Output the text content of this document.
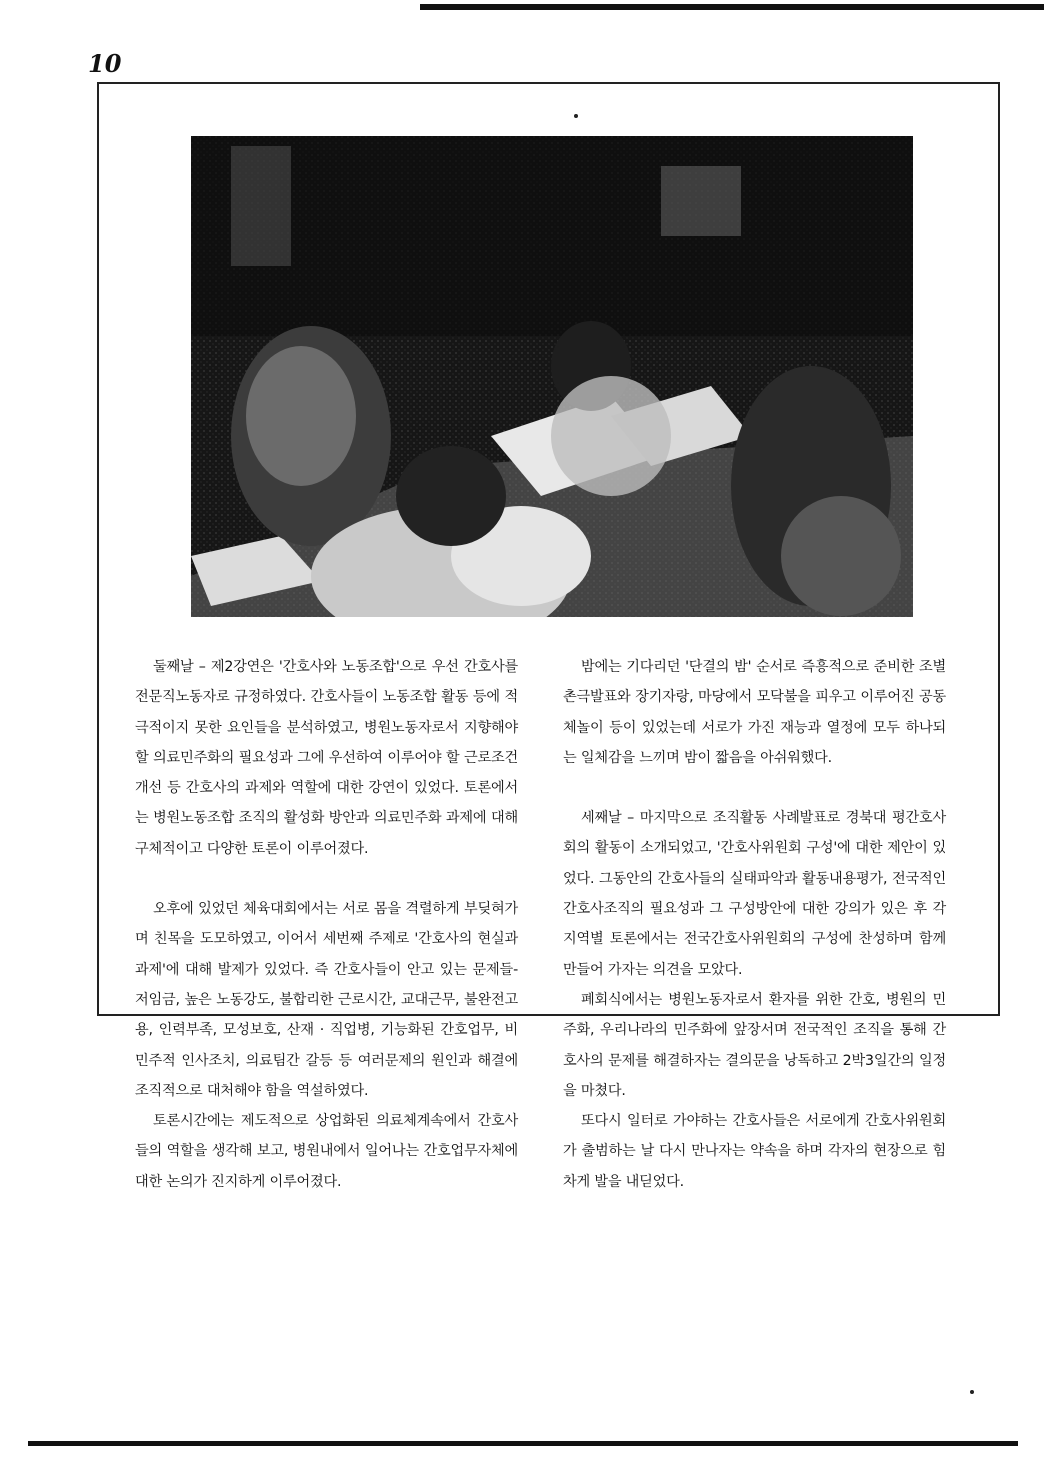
10

둘째날 – 제2강연은 '간호사와 노동조합'으로 우선 간호사를 전문직노동자로 규정하였다. 간호사들이 노동조합 활동 등에 적극적이지 못한 요인들을 분석하였고, 병원노동자로서 지향해야 할 의료민주화의 필요성과 그에 우선하여 이루어야 할 근로조건 개선 등 간호사의 과제와 역할에 대한 강연이 있었다. 토론에서는 병원노동조합 조직의 활성화 방안과 의료민주화 과제에 대해 구체적이고 다양한 토론이 이루어졌다.

오후에 있었던 체육대회에서는 서로 몸을 격렬하게 부딪혀가며 친목을 도모하였고, 이어서 세번째 주제로 '간호사의 현실과 과제'에 대해 발제가 있었다. 즉 간호사들이 안고 있는 문제들-저임금, 높은 노동강도, 불합리한 근로시간, 교대근무, 불완전고용, 인력부족, 모성보호, 산재 · 직업병, 기능화된 간호업무, 비민주적 인사조치, 의료팀간 갈등 등 여러문제의 원인과 해결에 조직적으로 대처해야 함을 역설하였다.

토론시간에는 제도적으로 상업화된 의료체계속에서 간호사들의 역할을 생각해 보고, 병원내에서 일어나는 간호업무자체에 대한 논의가 진지하게 이루어졌다.

밤에는 기다리던 '단결의 밤' 순서로 즉흥적으로 준비한 조별 촌극발표와 장기자랑, 마당에서 모닥불을 피우고 이루어진 공동체놀이 등이 있었는데 서로가 가진 재능과 열정에 모두 하나되는 일체감을 느끼며 밤이 짧음을 아쉬워했다.

세째날 – 마지막으로 조직활동 사례발표로 경북대 평간호사회의 활동이 소개되었고, '간호사위원회 구성'에 대한 제안이 있었다. 그동안의 간호사들의 실태파악과 활동내용평가, 전국적인 간호사조직의 필요성과 그 구성방안에 대한 강의가 있은 후 각 지역별 토론에서는 전국간호사위원회의 구성에 찬성하며 함께 만들어 가자는 의견을 모았다.

폐회식에서는 병원노동자로서 환자를 위한 간호, 병원의 민주화, 우리나라의 민주화에 앞장서며 전국적인 조직을 통해 간호사의 문제를 해결하자는 결의문을 낭독하고 2박3일간의 일정을 마쳤다.

또다시 일터로 가야하는 간호사들은 서로에게 간호사위원회가 출범하는 날 다시 만나자는 약속을 하며 각자의 현장으로 힘차게 발을 내딛었다.
